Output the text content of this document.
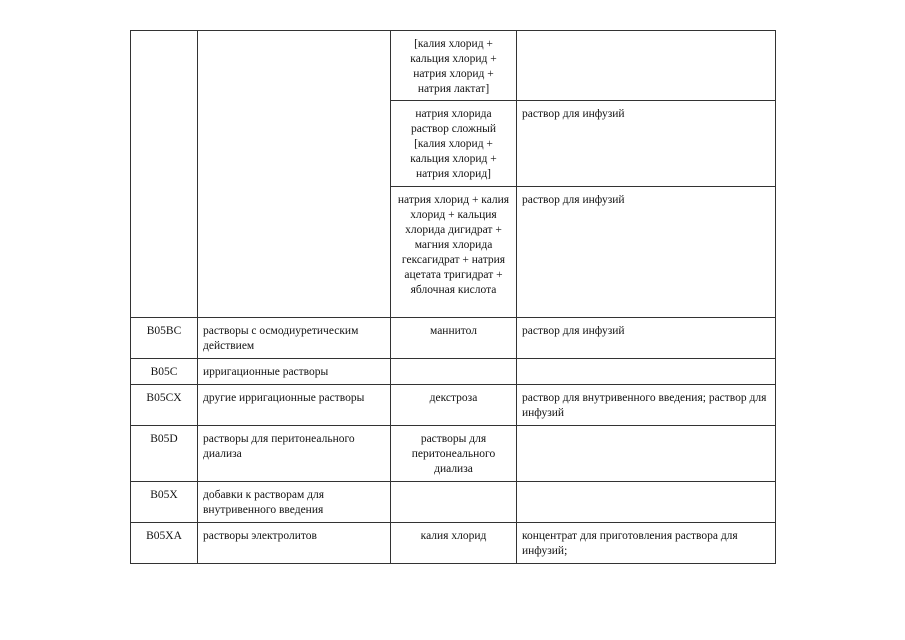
		[калия хлорид + кальция хлорид + натрия хлорид + натрия лактат]	
		натрия хлорида раствор сложный [калия хлорид + кальция хлорид + натрия хлорид]	раствор для инфузий
		натрия хлорид + калия хлорид + кальция хлорида дигидрат + магния хлорида гексагидрат + натрия ацетата тригидрат + яблочная кислота	раствор для инфузий
B05BC	растворы с осмодиуретическим действием	маннитол	раствор для инфузий
B05C	ирригационные растворы		
B05CX	другие ирригационные растворы	декстроза	раствор для внутривенного введения; раствор для инфузий
B05D	растворы для перитонеального диализа	растворы для перитонеального диализа	
B05X	добавки к растворам для внутривенного введения		
B05XA	растворы электролитов	калия хлорид	концентрат для приготовления раствора для инфузий;
